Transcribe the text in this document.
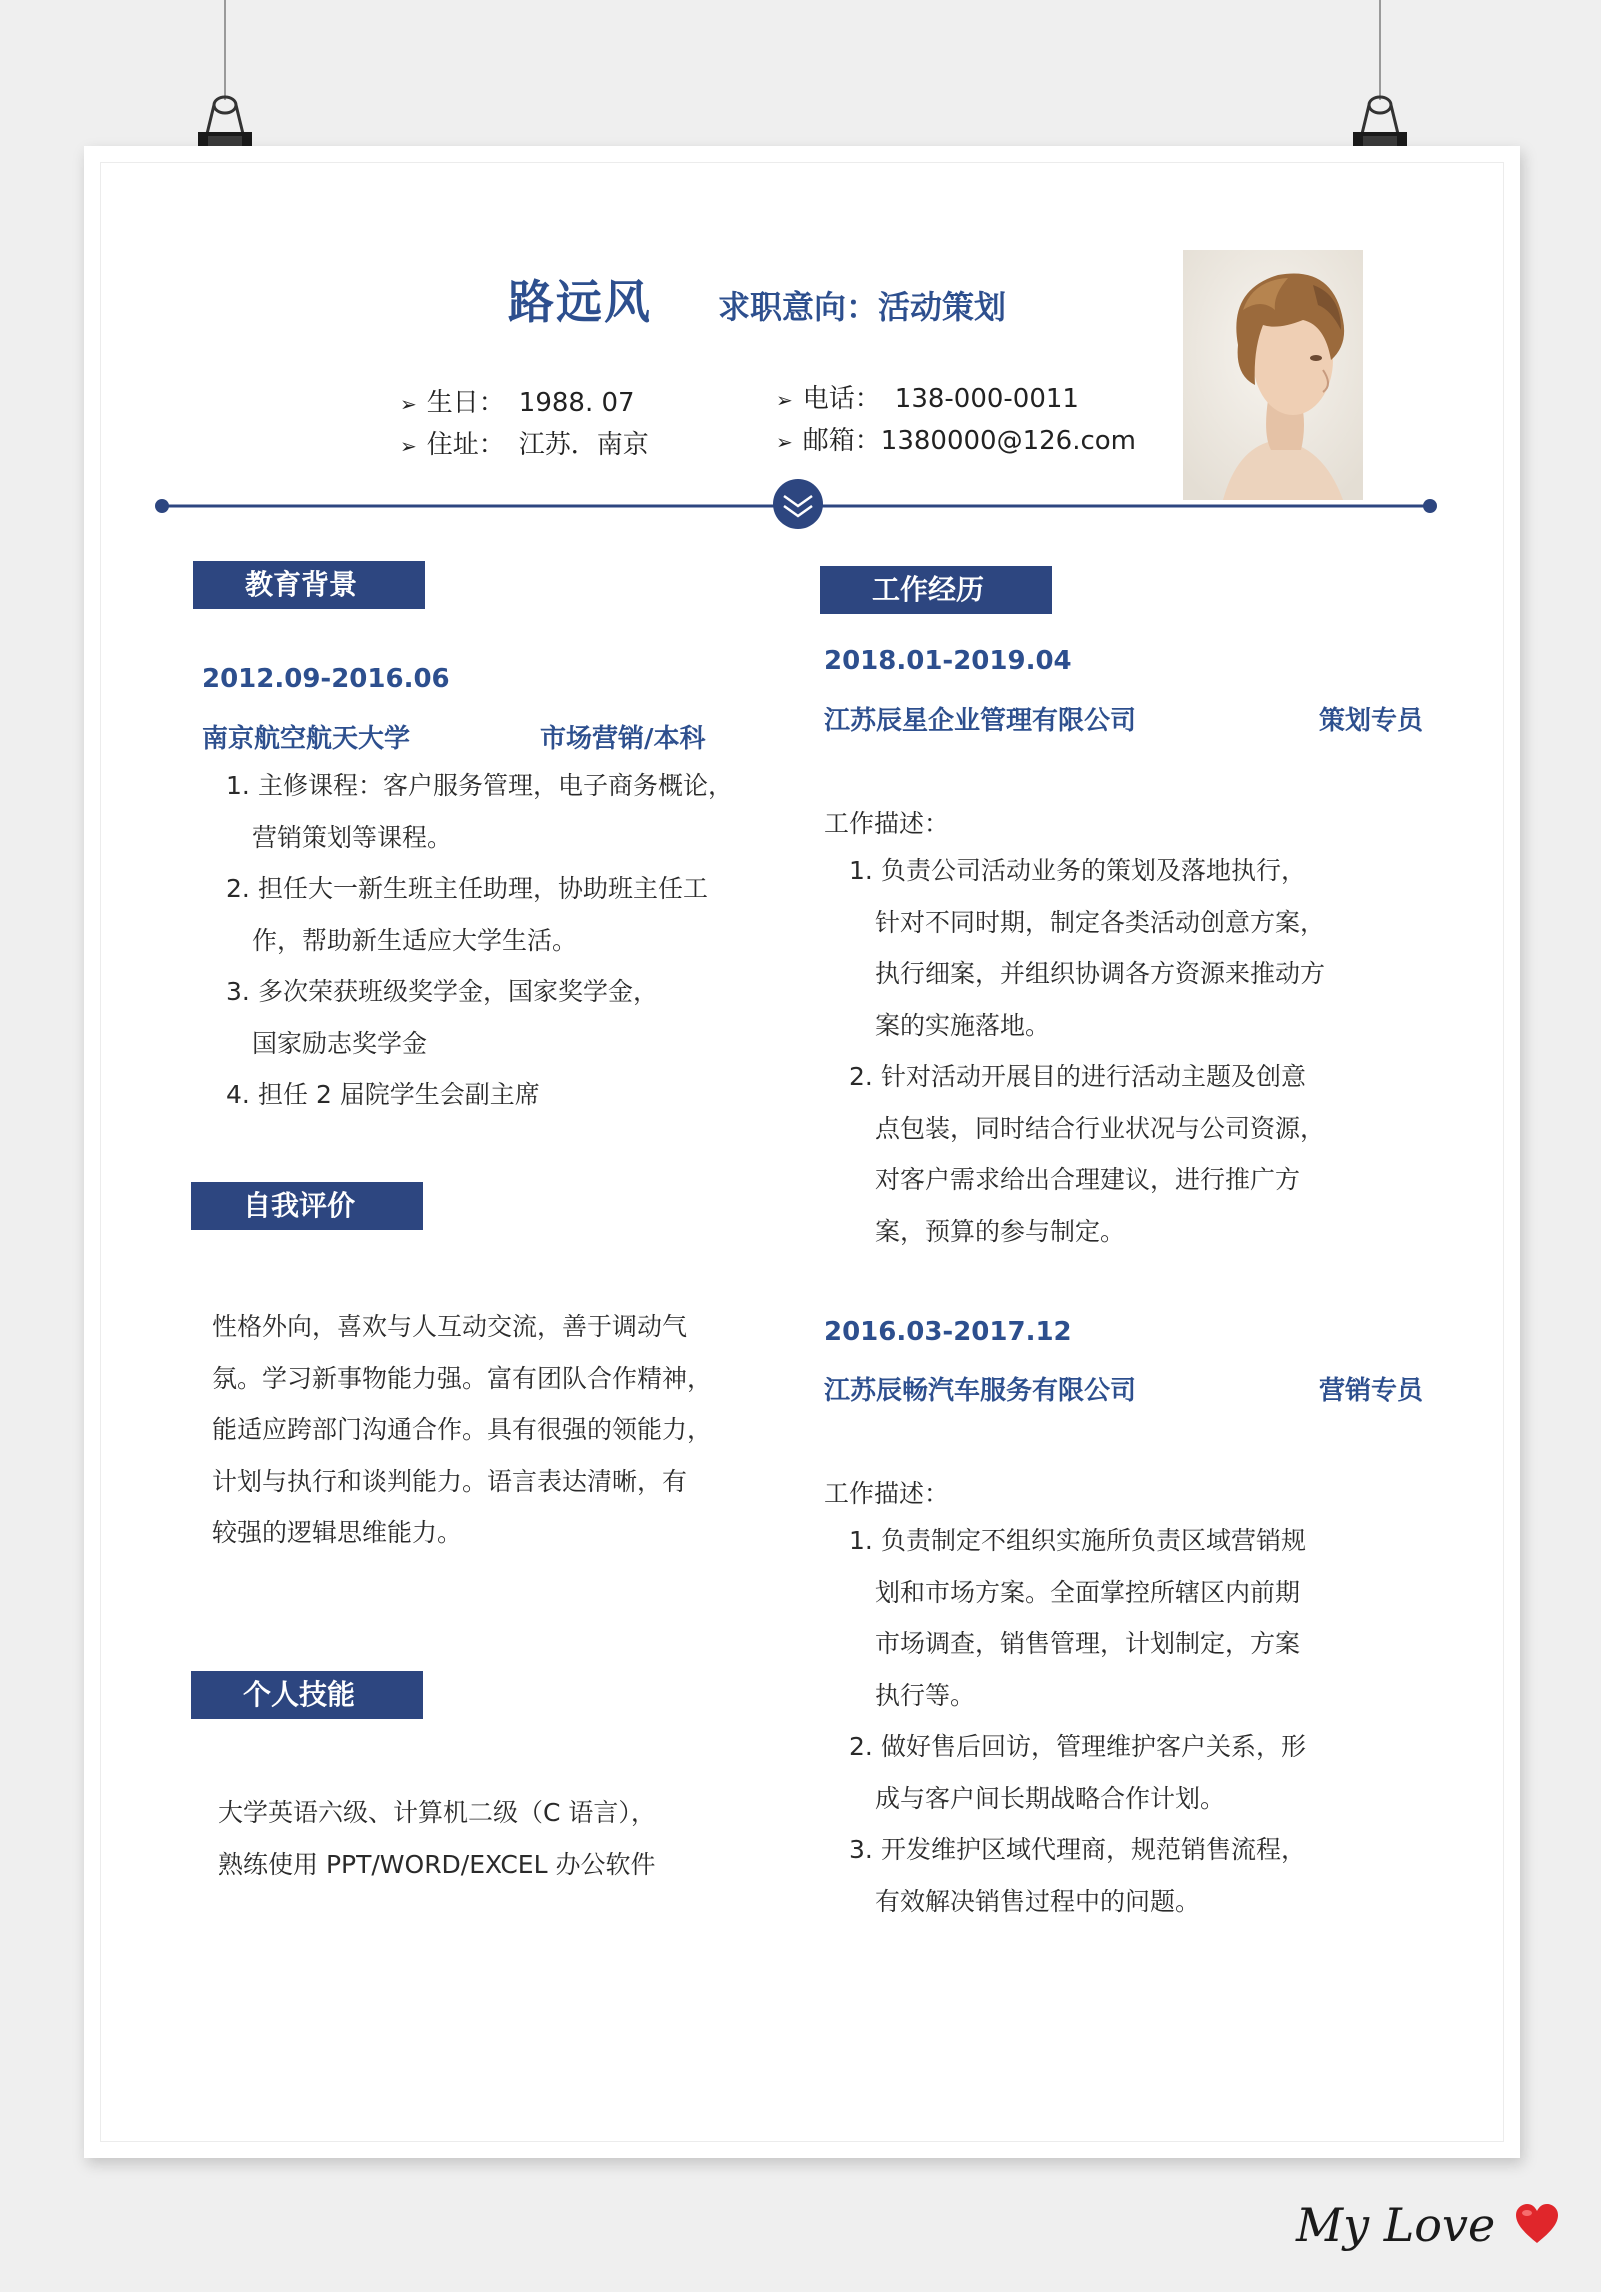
路远风 求职意向：活动策划
➢ 生日： 1988. 07
➢ 住址： 江苏．南京
➢ 电话： 138-000-0011
➢ 邮箱：1380000@126.com
教育背景
2012.09-2016.06
南京航空航天大学	市场营销/本科
1. 主修课程：客户服务管理，电子商务概论，
营销策划等课程。
2. 担任大一新生班主任助理，协助班主任工
作，帮助新生适应大学生活。
3. 多次荣获班级奖学金，国家奖学金，
国家励志奖学金
4. 担任 2 届院学生会副主席
自我评价
性格外向，喜欢与人互动交流，善于调动气
氛。学习新事物能力强。富有团队合作精神，
能适应跨部门沟通合作。具有很强的领能力，
计划与执行和谈判能力。语言表达清晰，有
较强的逻辑思维能力。
个人技能
大学英语六级、计算机二级（C 语言），
熟练使用 PPT/WORD/EXCEL 办公软件
工作经历
2018.01-2019.04
江苏辰星企业管理有限公司	策划专员
工作描述：
1. 负责公司活动业务的策划及落地执行，
针对不同时期，制定各类活动创意方案，
执行细案，并组织协调各方资源来推动方
案的实施落地。
2. 针对活动开展目的进行活动主题及创意
点包装，同时结合行业状况与公司资源，
对客户需求给出合理建议，进行推广方
案，预算的参与制定。
2016.03-2017.12
江苏辰畅汽车服务有限公司	营销专员
工作描述：
1. 负责制定不组织实施所负责区域营销规
划和市场方案。全面掌控所辖区内前期
市场调查，销售管理，计划制定，方案
执行等。
2. 做好售后回访，管理维护客户关系，形
成与客户间长期战略合作计划。
3. 开发维护区域代理商，规范销售流程，
有效解决销售过程中的问题。
My Love
